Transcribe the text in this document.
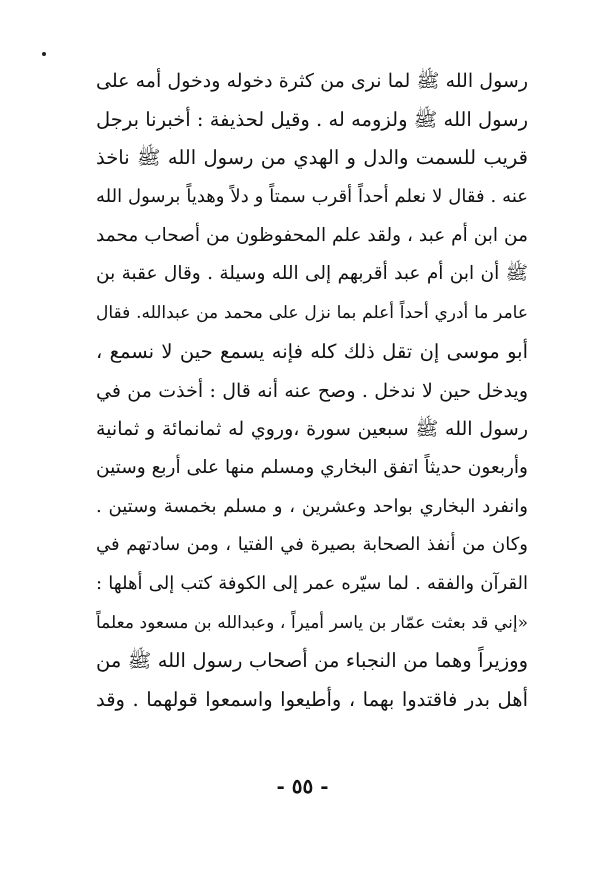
رسول الله ﷺ لما نرى من كثرة دخوله ودخول أمه على
رسول الله ﷺ ولزومه له . وقيل لحذيفة : أخبرنا برجل
قريب للسمت والدل و الهدي من رسول الله ﷺ ناخذ
عنه . فقال لا نعلم أحداً أقرب سمتاً و دلاً وهدياً برسول الله
من ابن أم عبد ، ولقد علم المحفوظون من أصحاب محمد
ﷺ أن ابن أم عبد أقربهم إلى الله وسيلة . وقال عقبة بن
عامر ما أدري أحداً أعلم بما نزل على محمد من عبدالله. فقال
أبو موسى إن تقل ذلك كله فإنه يسمع حين لا نسمع ،
ويدخل حين لا ندخل . وصح عنه أنه قال : أخذت من في
رسول الله ﷺ سبعين سورة ،وروي له ثمانمائة و ثمانية
وأربعون حديثاً اتفق البخاري ومسلم منها على أربع وستين
وانفرد البخاري بواحد وعشرين ، و مسلم بخمسة وستين .
وكان من أنفذ الصحابة بصيرة في الفتيا ، ومن سادتهم في
القرآن والفقه . لما سيّره عمر إلى الكوفة كتب إلى أهلها :
«إني قد بعثت عمّار بن ياسر أميراً ، وعبدالله بن مسعود معلماً
ووزيراً وهما من النجباء من أصحاب رسول الله ﷺ من
أهل بدر فاقتدوا بهما ، وأطيعوا واسمعوا قولهما . وقد
- ٥٥ -
